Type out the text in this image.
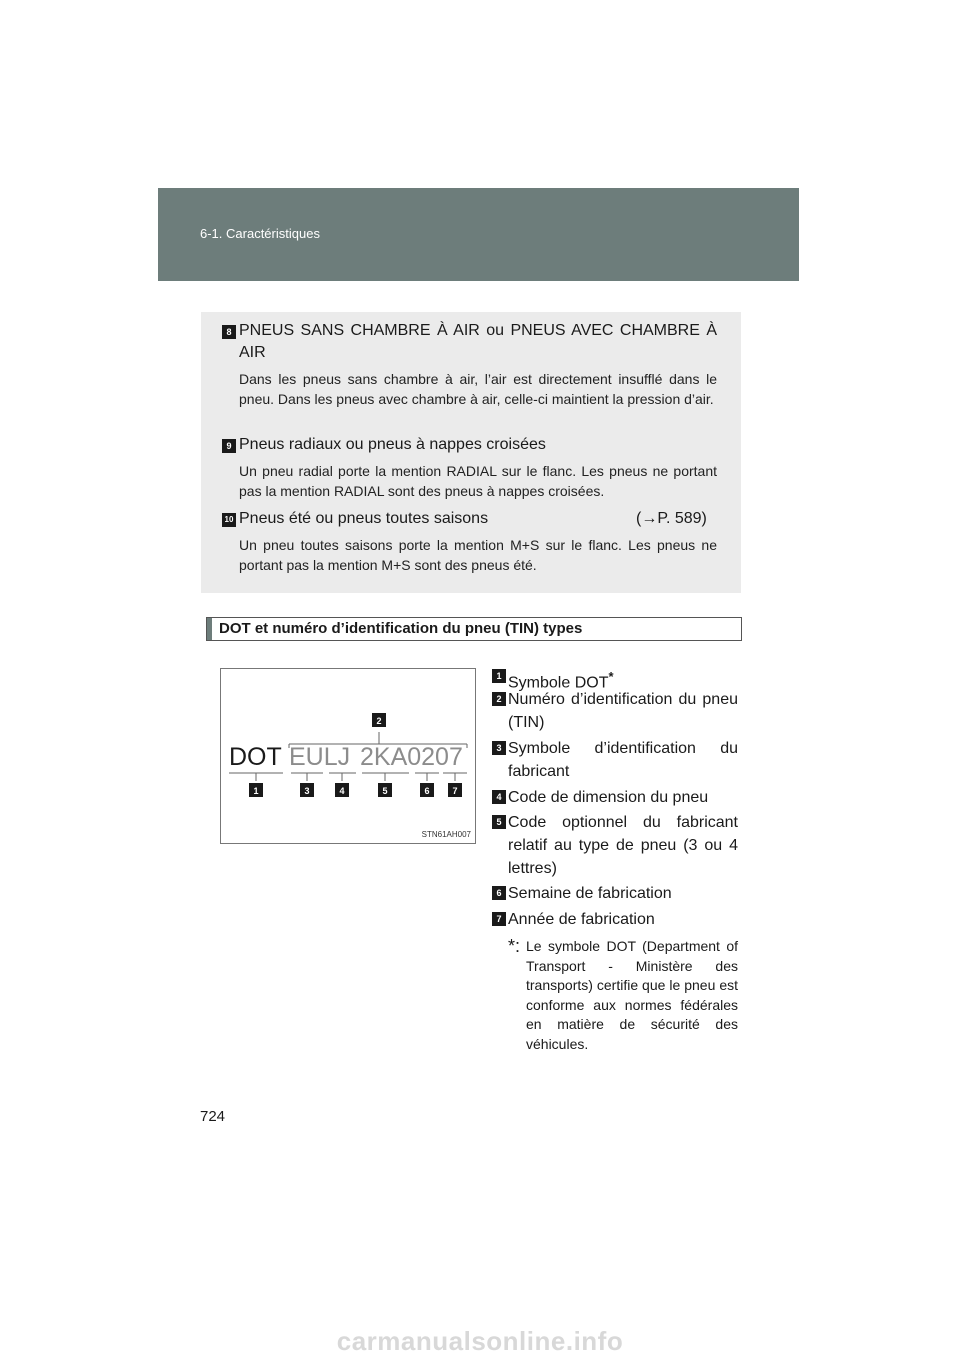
6-1. Caractéristiques
8 PNEUS SANS CHAMBRE À AIR ou PNEUS AVEC CHAMBRE À AIR
Dans les pneus sans chambre à air, l’air est directement insufflé dans le pneu. Dans les pneus avec chambre à air, celle-ci maintient la pression d’air.
9 Pneus radiaux ou pneus à nappes croisées
Un pneu radial porte la mention RADIAL sur le flanc. Les pneus ne portant pas la mention RADIAL sont des pneus à nappes croisées.
10 Pneus été ou pneus toutes saisons	(→P. 589)
Un pneu toutes saisons porte la mention M+S sur le flanc. Les pneus ne portant pas la mention M+S sont des pneus été.
DOT et numéro d’identification du pneu (TIN) types
2
DOT EULJ 2KA0207
1	3	4	5	6	7
STN61AH007
1 Symbole DOT*
2 Numéro d’identification du pneu (TIN)
3 Symbole d’identification du fabricant
4 Code de dimension du pneu
5 Code optionnel du fabricant relatif au type de pneu (3 ou 4 lettres)
6 Semaine de fabrication
7 Année de fabrication
*: Le symbole DOT (Department of Transport - Ministère des transports) certifie que le pneu est conforme aux normes fédérales en matière de sécurité des véhicules.
724
carmanualsonline.info
